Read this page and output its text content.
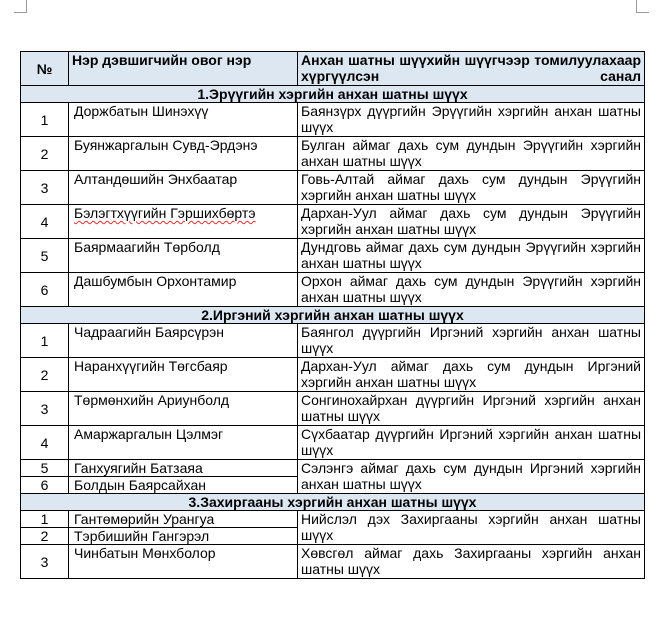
№	Нэр дэвшигчийн овог нэр	Анхан шатны шүүхийн шүүгчээр томилуулахаар хүргүүлсэн санал
1.Эрүүгийн хэргийн анхан шатны шүүх		
1	Доржбатын Шинэхүү	Баянзүрх дүүргийн Эрүүгийн хэргийн анхан шатны шүүх
2	Буянжаргалын Сувд-Эрдэнэ	Булган аймаг дахь сум дундын Эрүүгийн хэргийн анхан шатны шүүх
3	Алтандөшийн Энхбаатар	Говь-Алтай аймаг дахь сум дундын Эрүүгийн хэргийн анхан шатны шүүх
4	Бэлэгтхүүгийн Гэршихбөртэ	Дархан-Уул аймаг дахь сум дундын Эрүүгийн хэргийн анхан шатны шүүх
5	Баярмаагийн Төрболд	Дундговь аймаг дахь сум дундын Эрүүгийн хэргийн анхан шатны шүүх
6	Дашбумбын Орхонтамир	Орхон аймаг дахь сум дундын Эрүүгийн хэргийн анхан шатны шүүх
2.Иргэний хэргийн анхан шатны шүүх		
1	Чадраагийн Баярсүрэн	Баянгол дүүргийн Иргэний хэргийн анхан шатны шүүх
2	Наранхүүгийн Төгсбаяр	Дархан-Уул аймаг дахь сум дундын Иргэний хэргийн анхан шатны шүүх
3	Төрмөнхийн Ариунболд	Сонгинохайрхан дүүргийн Иргэний хэргийн анхан шатны шүүх
4	Амаржаргалын Цэлмэг	Сүхбаатар дүүргийн Иргэний хэргийн анхан шатны шүүх
5	Ганхуягийн Батзаяа	Сэлэнгэ аймаг дахь сум дундын Иргэний хэргийн анхан шатны шүүх
6	Болдын Баярсайхан	
3.Захиргааны хэргийн анхан шатны шүүх		
1	Гантөмөрийн Урангуа	Нийслэл дэх Захиргааны хэргийн анхан шатны шүүх
2	Тэрбишийн Гангэрэл	
3	Чинбатын Мөнхболор	Хөвсгөл аймаг дахь Захиргааны хэргийн анхан шатны шүүх
